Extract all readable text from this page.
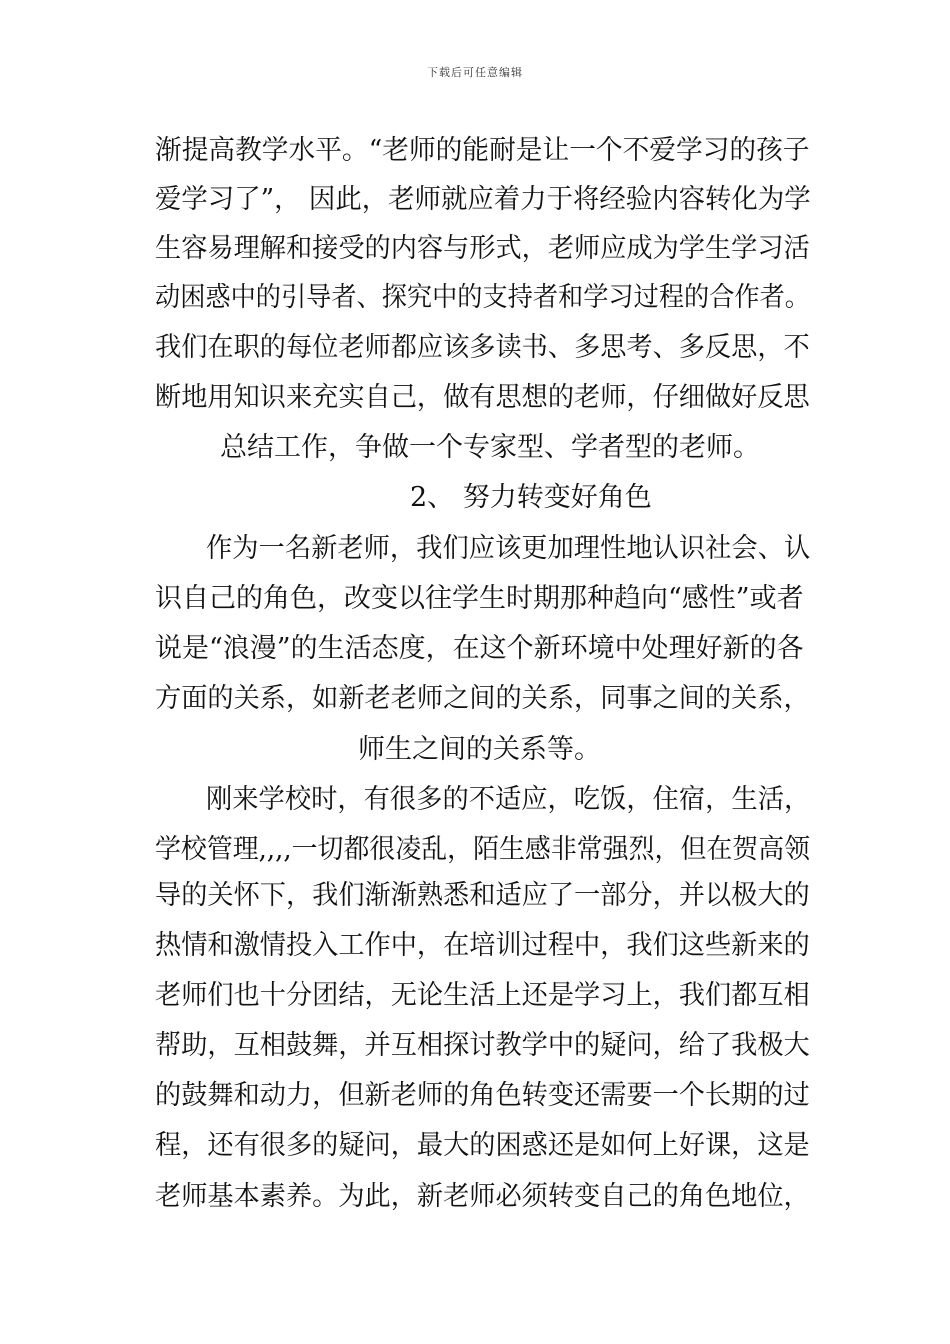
下载后可任意编辑
渐提高教学水平。“老师的能耐是让一个不爱学习的孩子
爱学习了”， 因此，老师就应着力于将经验内容转化为学
生容易理解和接受的内容与形式，老师应成为学生学习活
动困惑中的引导者、探究中的支持者和学习过程的合作者。
我们在职的每位老师都应该多读书、多思考、多反思，不
断地用知识来充实自己，做有思想的老师，仔细做好反思
总结工作，争做一个专家型、学者型的老师。
2、 努力转变好角色
作为一名新老师，我们应该更加理性地认识社会、认
识自己的角色，改变以往学生时期那种趋向“感性”或者
说是“浪漫”的生活态度，在这个新环境中处理好新的各
方面的关系，如新老老师之间的关系，同事之间的关系，
师生之间的关系等。
刚来学校时，有很多的不适应，吃饭，住宿，生活，
学校管理,,,,一切都很凌乱，陌生感非常强烈，但在贺高领
导的关怀下，我们渐渐熟悉和适应了一部分，并以极大的
热情和激情投入工作中，在培训过程中，我们这些新来的
老师们也十分团结，无论生活上还是学习上，我们都互相
帮助，互相鼓舞，并互相探讨教学中的疑问，给了我极大
的鼓舞和动力，但新老师的角色转变还需要一个长期的过
程，还有很多的疑问，最大的困惑还是如何上好课，这是
老师基本素养。为此，新老师必须转变自己的角色地位，
